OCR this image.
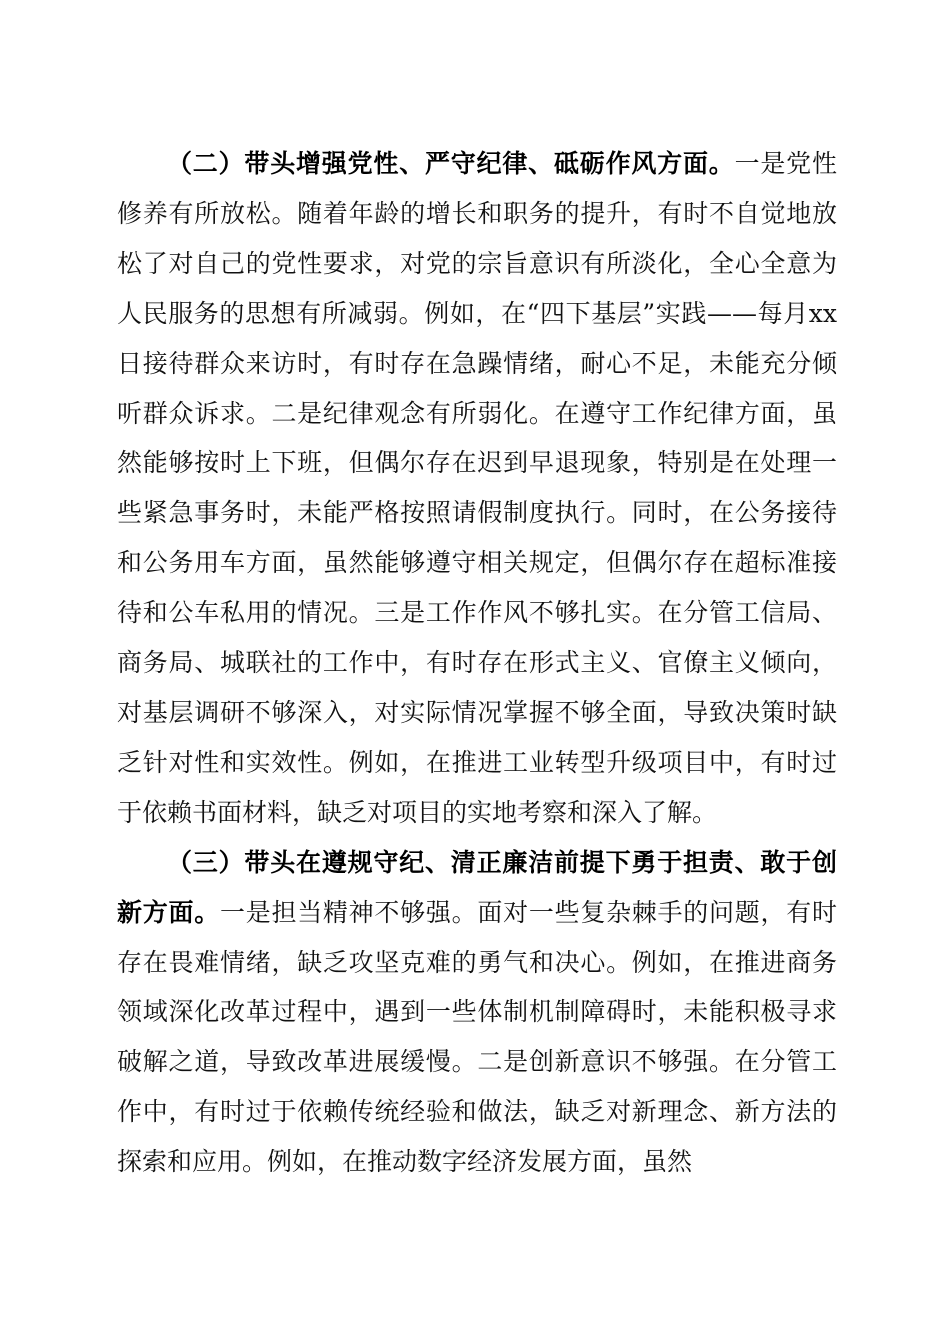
（二）带头增强党性、严守纪律、砥砺作风方面。一是党性修养有所放松。随着年龄的增长和职务的提升，有时不自觉地放松了对自己的党性要求，对党的宗旨意识有所淡化，全心全意为人民服务的思想有所减弱。例如，在“四下基层”实践——每月xx日接待群众来访时，有时存在急躁情绪，耐心不足，未能充分倾听群众诉求。二是纪律观念有所弱化。在遵守工作纪律方面，虽然能够按时上下班，但偶尔存在迟到早退现象，特别是在处理一些紧急事务时，未能严格按照请假制度执行。同时，在公务接待和公务用车方面，虽然能够遵守相关规定，但偶尔存在超标准接待和公车私用的情况。三是工作作风不够扎实。在分管工信局、商务局、城联社的工作中，有时存在形式主义、官僚主义倾向，对基层调研不够深入，对实际情况掌握不够全面，导致决策时缺乏针对性和实效性。例如，在推进工业转型升级项目中，有时过于依赖书面材料，缺乏对项目的实地考察和深入了解。

（三）带头在遵规守纪、清正廉洁前提下勇于担责、敢于创新方面。一是担当精神不够强。面对一些复杂棘手的问题，有时存在畏难情绪，缺乏攻坚克难的勇气和决心。例如，在推进商务领域深化改革过程中，遇到一些体制机制障碍时，未能积极寻求破解之道，导致改革进展缓慢。二是创新意识不够强。在分管工作中，有时过于依赖传统经验和做法，缺乏对新理念、新方法的探索和应用。例如，在推动数字经济发展方面，虽然
